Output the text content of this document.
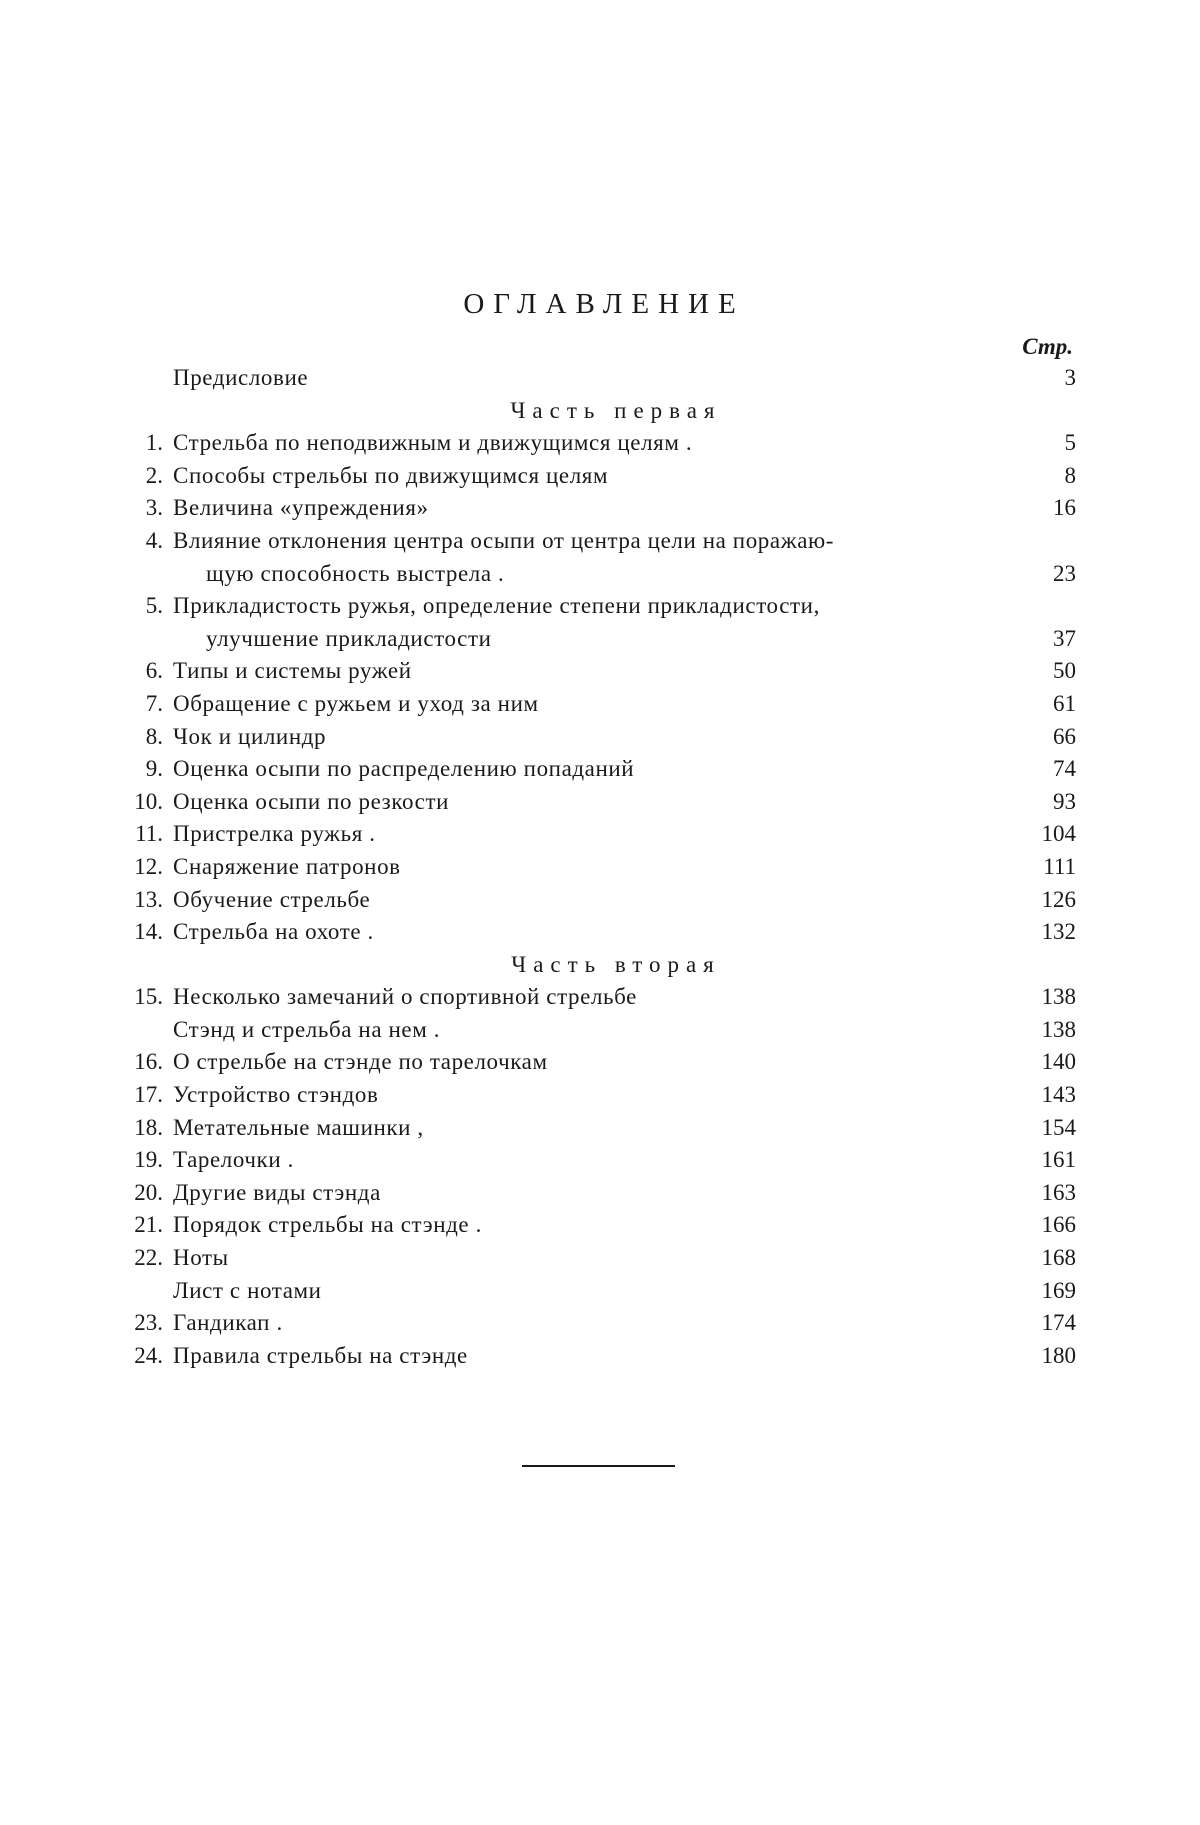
ОГЛАВЛЕНИЕ
Стр.
Предисловие	3
Часть первая
1. Стрельба по неподвижным и движущимся целям .	5
2. Способы стрельбы по движущимся целям	8
3. Величина «упреждения»	16
4. Влияние отклонения центра осыпи от центра цели на поражаю-
щую способность выстрела .	23
5. Прикладистость ружья, определение степени прикладистости,
улучшение прикладистости	37
6. Типы и системы ружей	50
7. Обращение с ружьем и уход за ним	61
8. Чок и цилиндр	66
9. Оценка осыпи по распределению попаданий	74
10. Оценка осыпи по резкости	93
11. Пристрелка ружья .	104
12. Снаряжение патронов	111
13. Обучение стрельбе	126
14. Стрельба на охоте .	132
Часть вторая
15. Несколько замечаний о спортивной стрельбе	138
Стэнд и стрельба на нем .	138
16. О стрельбе на стэнде по тарелочкам	140
17. Устройство стэндов	143
18. Метательные машинки ,	154
19. Тарелочки .	161
20. Другие виды стэнда	163
21. Порядок стрельбы на стэнде .	166
22. Ноты	168
Лист с нотами	169
23. Гандикап .	174
24. Правила стрельбы на стэнде	180
